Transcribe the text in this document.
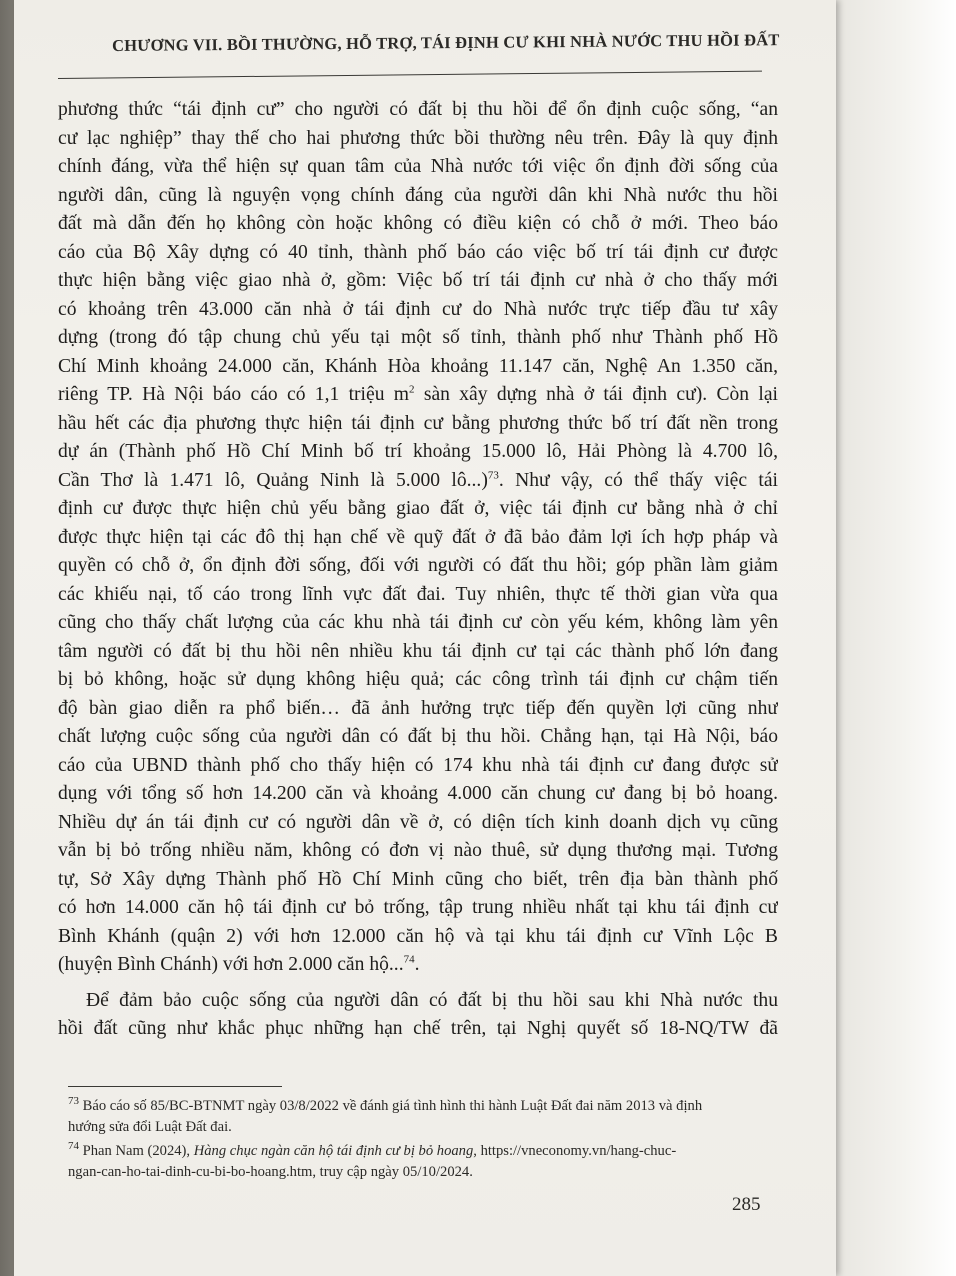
CHƯƠNG VII. BỒI THƯỜNG, HỖ TRỢ, TÁI ĐỊNH CƯ KHI NHÀ NƯỚC THU HỒI ĐẤT
phương thức “tái định cư” cho người có đất bị thu hồi để ổn định cuộc sống, “an
cư lạc nghiệp” thay thế cho hai phương thức bồi thường nêu trên. Đây là quy định
chính đáng, vừa thể hiện sự quan tâm của Nhà nước tới việc ổn định đời sống của
người dân, cũng là nguyện vọng chính đáng của người dân khi Nhà nước thu hồi
đất mà dẫn đến họ không còn hoặc không có điều kiện có chỗ ở mới. Theo báo
cáo của Bộ Xây dựng có 40 tỉnh, thành phố báo cáo việc bố trí tái định cư được
thực hiện bằng việc giao nhà ở, gồm: Việc bố trí tái định cư nhà ở cho thấy mới
có khoảng trên 43.000 căn nhà ở tái định cư do Nhà nước trực tiếp đầu tư xây
dựng (trong đó tập chung chủ yếu tại một số tỉnh, thành phố như Thành phố Hồ
Chí Minh khoảng 24.000 căn, Khánh Hòa khoảng 11.147 căn, Nghệ An 1.350 căn,
riêng TP. Hà Nội báo cáo có 1,1 triệu $m^2$ sàn xây dựng nhà ở tái định cư). Còn lại
hầu hết các địa phương thực hiện tái định cư bằng phương thức bố trí đất nền trong
dự án (Thành phố Hồ Chí Minh bố trí khoảng 15.000 lô, Hải Phòng là 4.700 lô,
Cần Thơ là 1.471 lô, Quảng Ninh là 5.000 lô...)$^{73}$. Như vậy, có thể thấy việc tái
định cư được thực hiện chủ yếu bằng giao đất ở, việc tái định cư bằng nhà ở chỉ
được thực hiện tại các đô thị hạn chế về quỹ đất ở đã bảo đảm lợi ích hợp pháp và
quyền có chỗ ở, ổn định đời sống, đối với người có đất thu hồi; góp phần làm giảm
các khiếu nại, tố cáo trong lĩnh vực đất đai. Tuy nhiên, thực tế thời gian vừa qua
cũng cho thấy chất lượng của các khu nhà tái định cư còn yếu kém, không làm yên
tâm người có đất bị thu hồi nên nhiều khu tái định cư tại các thành phố lớn đang
bị bỏ không, hoặc sử dụng không hiệu quả; các công trình tái định cư chậm tiến
độ bàn giao diễn ra phổ biến… đã ảnh hưởng trực tiếp đến quyền lợi cũng như
chất lượng cuộc sống của người dân có đất bị thu hồi. Chẳng hạn, tại Hà Nội, báo
cáo của UBND thành phố cho thấy hiện có 174 khu nhà tái định cư đang được sử
dụng với tổng số hơn 14.200 căn và khoảng 4.000 căn chung cư đang bị bỏ hoang.
Nhiều dự án tái định cư có người dân về ở, có diện tích kinh doanh dịch vụ cũng
vẫn bị bỏ trống nhiều năm, không có đơn vị nào thuê, sử dụng thương mại. Tương
tự, Sở Xây dựng Thành phố Hồ Chí Minh cũng cho biết, trên địa bàn thành phố
có hơn 14.000 căn hộ tái định cư bỏ trống, tập trung nhiều nhất tại khu tái định cư
Bình Khánh (quận 2) với hơn 12.000 căn hộ và tại khu tái định cư Vĩnh Lộc B
(huyện Bình Chánh) với hơn 2.000 căn hộ...$^{74}$.
Để đảm bảo cuộc sống của người dân có đất bị thu hồi sau khi Nhà nước thu
hồi đất cũng như khắc phục những hạn chế trên, tại Nghị quyết số 18-NQ/TW đã
$^{73}$ Báo cáo số 85/BC-BTNMT ngày 03/8/2022 về đánh giá tình hình thi hành Luật Đất đai năm 2013 và định
hướng sửa đổi Luật Đất đai.
$^{74}$ Phan Nam (2024), Hàng chục ngàn căn hộ tái định cư bị bỏ hoang, https://vneconomy.vn/hang-chuc-
ngan-can-ho-tai-dinh-cu-bi-bo-hoang.htm, truy cập ngày 05/10/2024.
285
